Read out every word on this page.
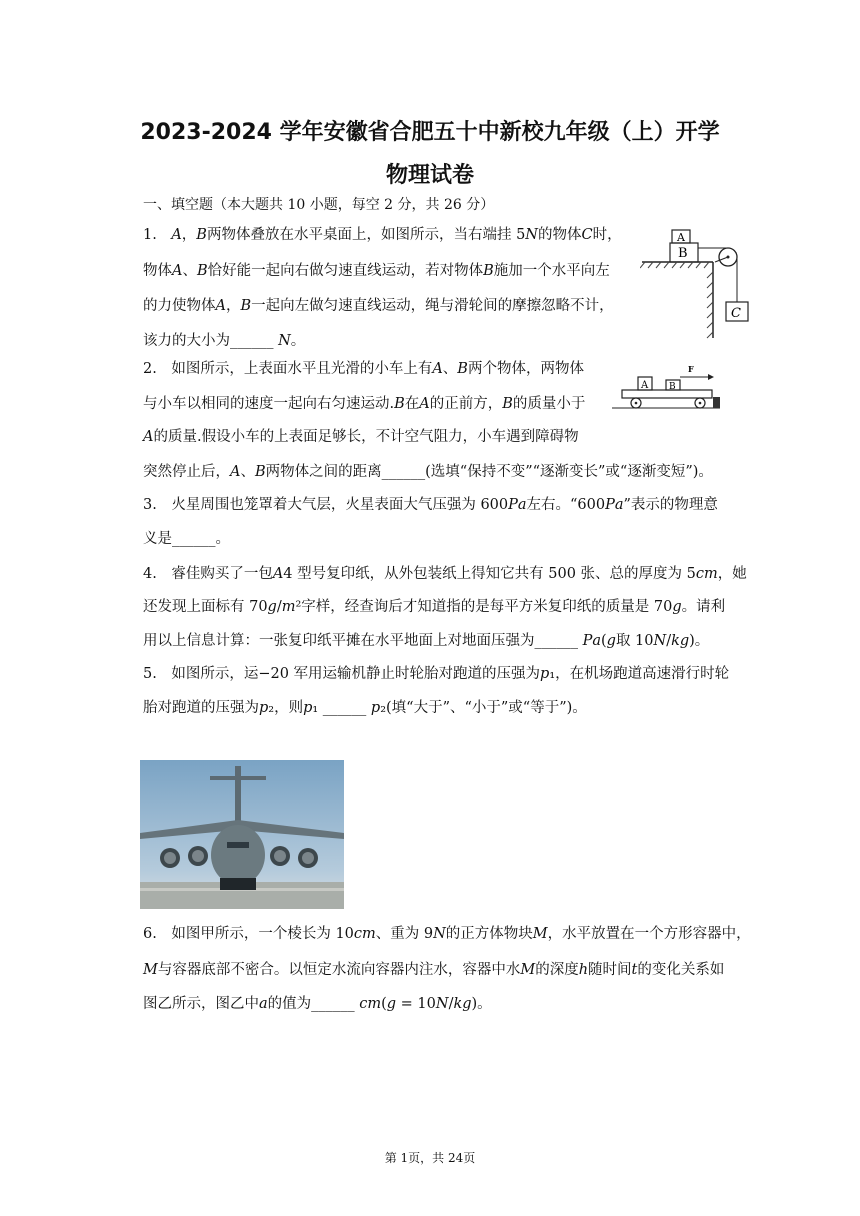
2023-2024 学年安徽省合肥五十中新校九年级（上）开学
物理试卷
一、填空题（本大题共 10 小题，每空 2 分，共 26 分）
1.　𝐴，𝐵两物体叠放在水平桌面上，如图所示，当右端挂 5𝑁的物体𝐶时，
物体𝐴、𝐵恰好能一起向右做匀速直线运动，若对物体𝐵施加一个水平向左
的力使物体𝐴，𝐵一起向左做匀速直线运动，绳与滑轮间的摩擦忽略不计，
该力的大小为______ 𝑁。
A
B
C
2.　如图所示，上表面水平且光滑的小车上有𝐴、𝐵两个物体，两物体
与小车以相同的速度一起向右匀速运动.𝐵在𝐴的正前方，𝐵的质量小于
𝐴的质量.假设小车的上表面足够长，不计空气阻力，小车遇到障碍物
突然停止后，𝐴、𝐵两物体之间的距离______(选填“保持不变”“逐渐变长”或“逐渐变短”)。
A B
F
3.　火星周围也笼罩着大气层，火星表面大气压强为 600𝑃𝑎左右。“600𝑃𝑎”表示的物理意
义是______。
4.　睿佳购买了一包𝐴4 型号复印纸，从外包装纸上得知它共有 500 张、总的厚度为 5𝑐𝑚，她
还发现上面标有 70𝑔/𝑚²字样，经查询后才知道指的是每平方米复印纸的质量是 70𝑔。请利
用以上信息计算：一张复印纸平摊在水平地面上对地面压强为______ 𝑃𝑎(𝑔取 10𝑁/𝑘𝑔)。
5.　如图所示，运−20 军用运输机静止时轮胎对跑道的压强为𝑝₁，在机场跑道高速滑行时轮
胎对跑道的压强为𝑝₂，则𝑝₁ ______ 𝑝₂(填“大于”、“小于”或“等于”)。
6.　如图甲所示，一个棱长为 10𝑐𝑚、重为 9𝑁的正方体物块𝑀，水平放置在一个方形容器中，
𝑀与容器底部不密合。以恒定水流向容器内注水，容器中水𝑀的深度ℎ随时间𝑡的变化关系如
图乙所示，图乙中𝑎的值为______ 𝑐𝑚(𝑔 = 10𝑁/𝑘𝑔)。
第 1页，共 24页
